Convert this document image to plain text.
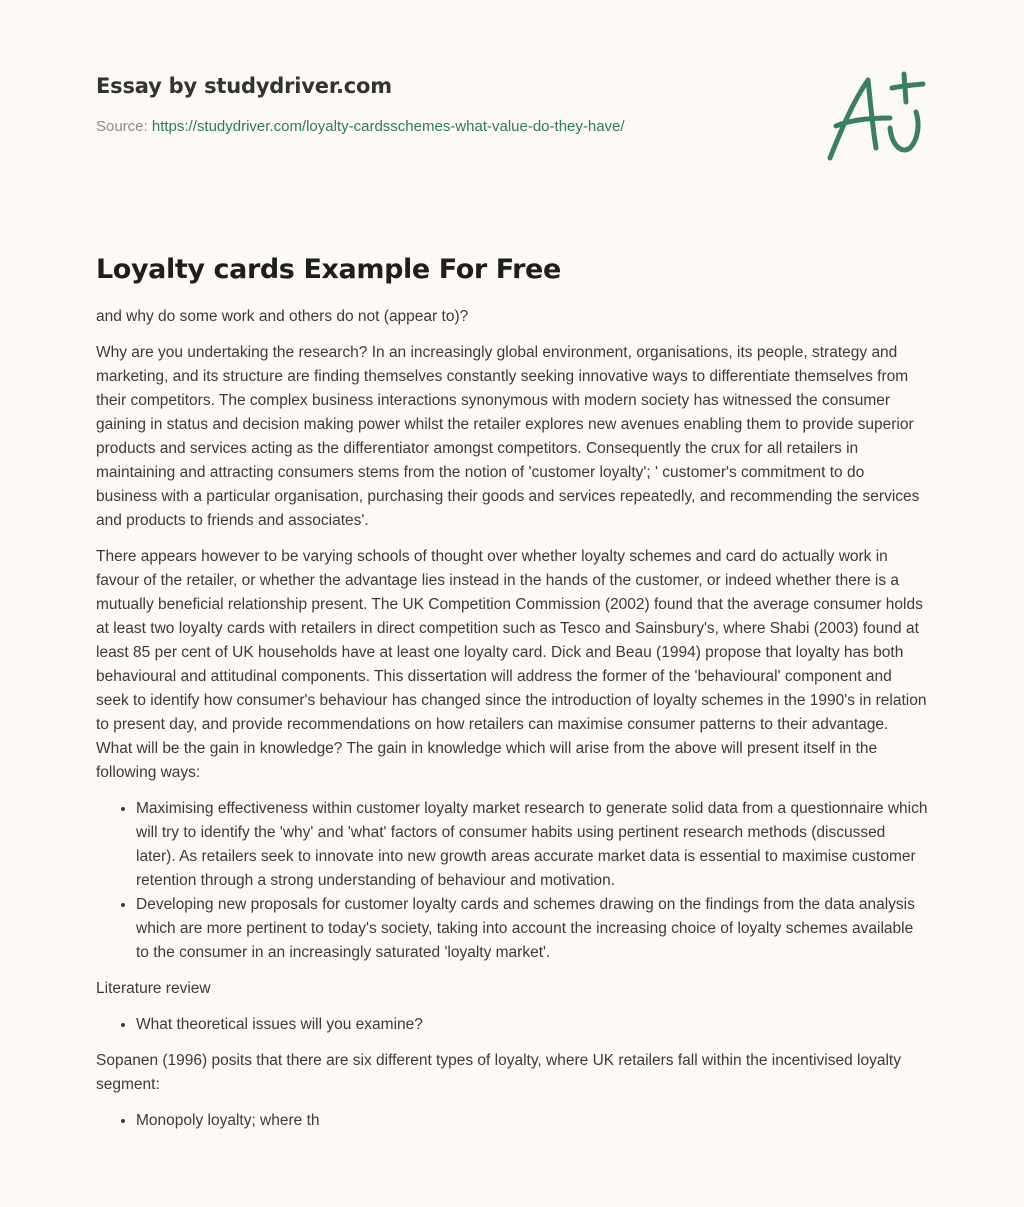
Essay by studydriver.com
Source: https://studydriver.com/loyalty-cardsschemes-what-value-do-they-have/
Loyalty cards Example For Free

and why do some work and others do not (appear to)?

Why are you undertaking the research? In an increasingly global environment, organisations, its people, strategy and marketing, and its structure are finding themselves constantly seeking innovative ways to differentiate themselves from their competitors. The complex business interactions synonymous with modern society has witnessed the consumer gaining in status and decision making power whilst the retailer explores new avenues enabling them to provide superior products and services acting as the differentiator amongst competitors. Consequently the crux for all retailers in maintaining and attracting consumers stems from the notion of 'customer loyalty'; ' customer's commitment to do business with a particular organisation, purchasing their goods and services repeatedly, and recommending the services and products to friends and associates'.

There appears however to be varying schools of thought over whether loyalty schemes and card do actually work in favour of the retailer, or whether the advantage lies instead in the hands of the customer, or indeed whether there is a mutually beneficial relationship present. The UK Competition Commission (2002) found that the average consumer holds at least two loyalty cards with retailers in direct competition such as Tesco and Sainsbury's, where Shabi (2003) found at least 85 per cent of UK households have at least one loyalty card. Dick and Beau (1994) propose that loyalty has both behavioural and attitudinal components. This dissertation will address the former of the 'behavioural' component and seek to identify how consumer's behaviour has changed since the introduction of loyalty schemes in the 1990's in relation to present day, and provide recommendations on how retailers can maximise consumer patterns to their advantage. What will be the gain in knowledge? The gain in knowledge which will arise from the above will present itself in the following ways:

• Maximising effectiveness within customer loyalty market research to generate solid data from a questionnaire which will try to identify the 'why' and 'what' factors of consumer habits using pertinent research methods (discussed later). As retailers seek to innovate into new growth areas accurate market data is essential to maximise customer retention through a strong understanding of behaviour and motivation.
• Developing new proposals for customer loyalty cards and schemes drawing on the findings from the data analysis which are more pertinent to today's society, taking into account the increasing choice of loyalty schemes available to the consumer in an increasingly saturated 'loyalty market'.

Literature review

• What theoretical issues will you examine?

Sopanen (1996) posits that there are six different types of loyalty, where UK retailers fall within the incentivised loyalty segment:

• Monopoly loyalty; where th
